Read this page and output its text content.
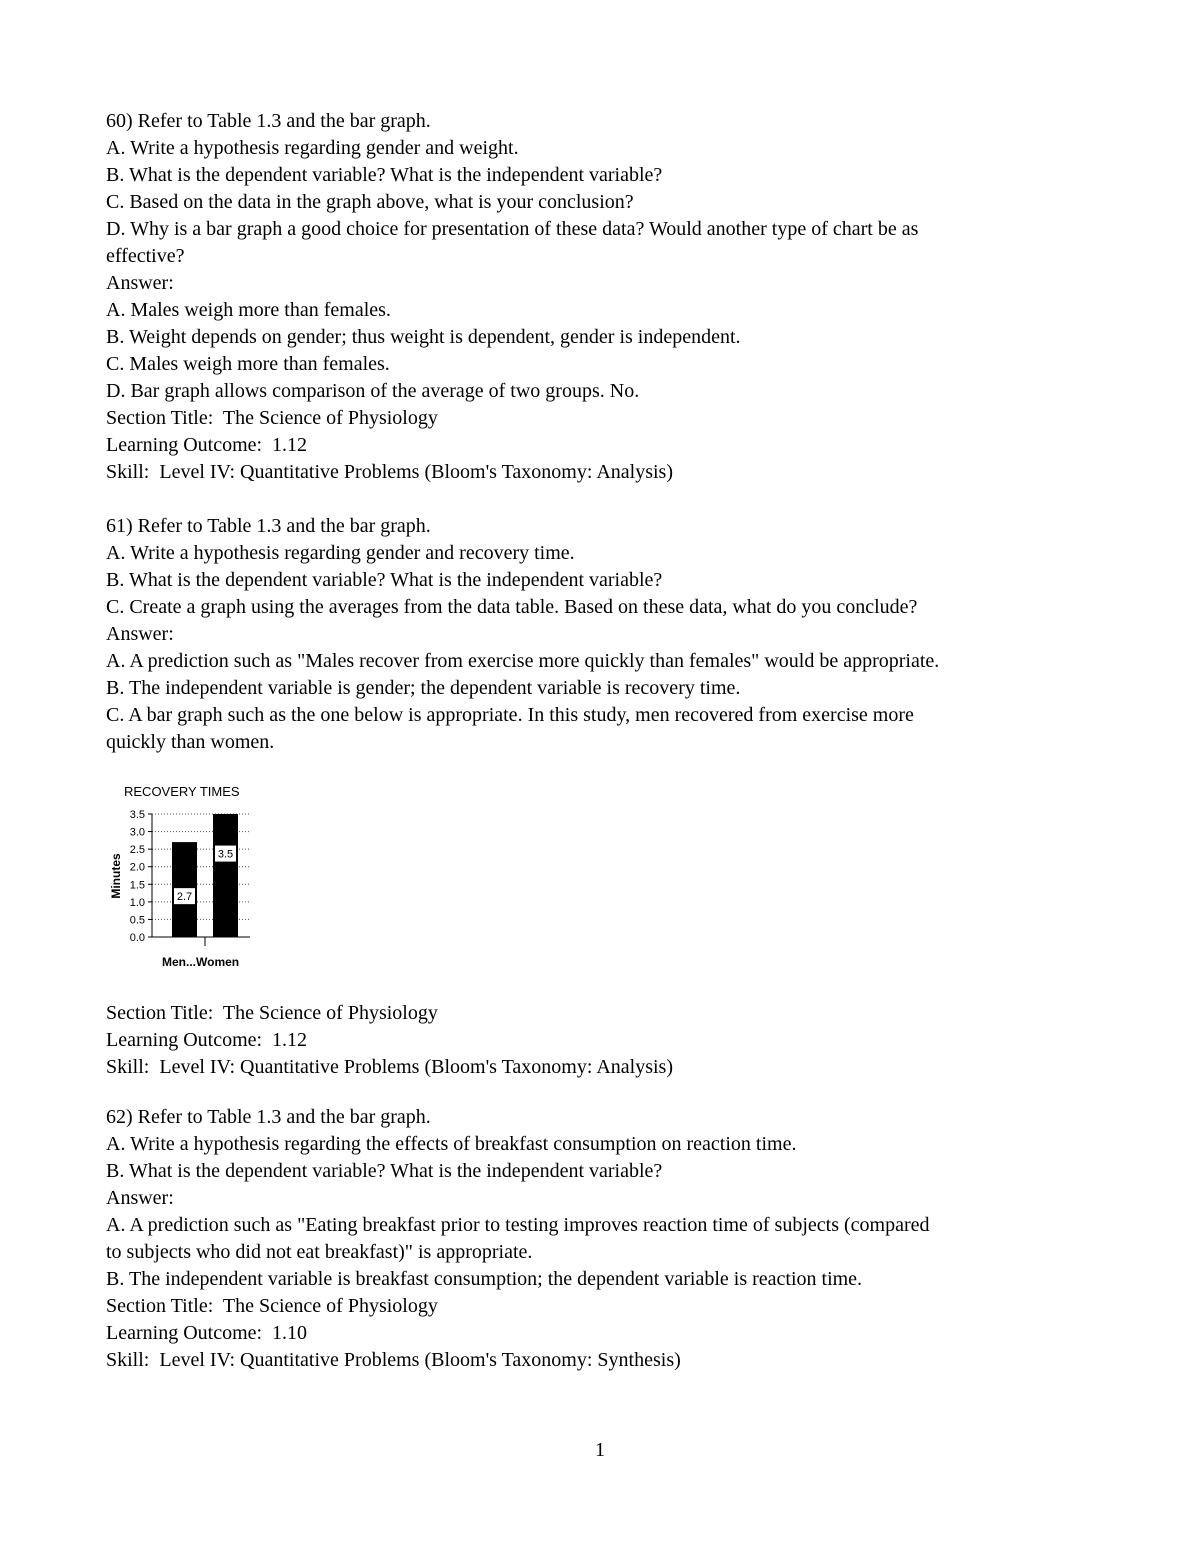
60) Refer to Table 1.3 and the bar graph.

A. Write a hypothesis regarding gender and weight.

B. What is the dependent variable? What is the independent variable?

C. Based on the data in the graph above, what is your conclusion?

D. Why is a bar graph a good choice for presentation of these data? Would another type of chart be as

effective?

Answer:

A. Males weigh more than females.

B. Weight depends on gender; thus weight is dependent, gender is independent.

C. Males weigh more than females.

D. Bar graph allows comparison of the average of two groups. No.

Section Title:  The Science of Physiology

Learning Outcome:  1.12

Skill:  Level IV: Quantitative Problems (Bloom's Taxonomy: Analysis)

61) Refer to Table 1.3 and the bar graph.

A. Write a hypothesis regarding gender and recovery time.

B. What is the dependent variable? What is the independent variable?

C. Create a graph using the averages from the data table. Based on these data, what do you conclude?

Answer:

A. A prediction such as "Males recover from exercise more quickly than females" would be appropriate.

B. The independent variable is gender; the dependent variable is recovery time.

C. A bar graph such as the one below is appropriate. In this study, men recovered from exercise more

quickly than women.

RECOVERY TIMES
0.0
0.5
1.0
1.5
2.0
2.5
3.0
3.5
2.7
3.5
Minutes
Men...Women

Section Title:  The Science of Physiology

Learning Outcome:  1.12

Skill:  Level IV: Quantitative Problems (Bloom's Taxonomy: Analysis)

62) Refer to Table 1.3 and the bar graph.

A. Write a hypothesis regarding the effects of breakfast consumption on reaction time.

B. What is the dependent variable? What is the independent variable?

Answer:

A. A prediction such as "Eating breakfast prior to testing improves reaction time of subjects (compared

to subjects who did not eat breakfast)" is appropriate.

B. The independent variable is breakfast consumption; the dependent variable is reaction time.

Section Title:  The Science of Physiology

Learning Outcome:  1.10

Skill:  Level IV: Quantitative Problems (Bloom's Taxonomy: Synthesis)

1
